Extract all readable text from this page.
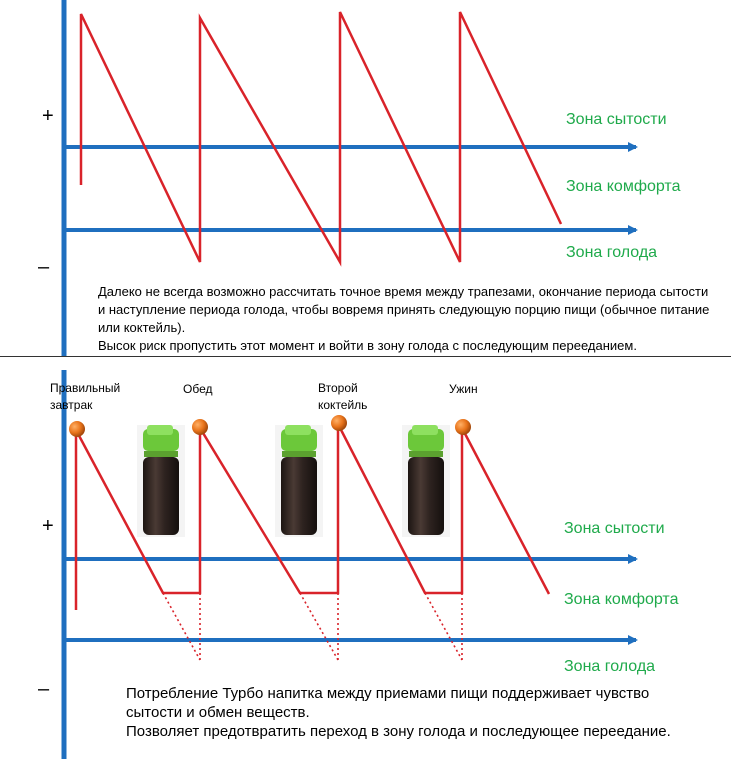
+
–
Зона сытости
Зона комфорта
Зона голода

Далеко не всегда возможно рассчитать точное время между трапезами, окончание периода сытости и наступление периода голода, чтобы вовремя принять следующую порцию пищи (обычное питание или коктейль).

Высок риск пропустить этот момент и войти в зону голода с последующим перееданием.

Правильный
завтрак
Обед	Второй
коктейль
Ужин
+
–
Зона сытости
Зона комфорта
Зона голода

Потребление Турбо напитка между приемами пищи поддерживает чувство сытости и обмен веществ.

Позволяет предотвратить переход в зону голода и последующее переедание.
